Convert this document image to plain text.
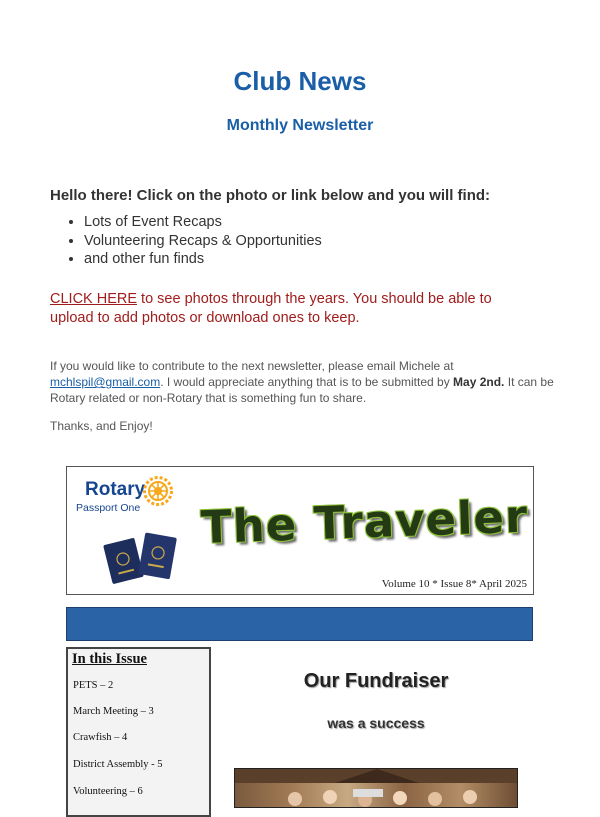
Club News
Monthly Newsletter
Hello there! Click on the photo or link below and you will find:
• Lots of Event Recaps
• Volunteering Recaps & Opportunities
• and other fun finds
CLICK HERE to see photos through the years. You should be able to upload to add photos or download ones to keep.
If you would like to contribute to the next newsletter, please email Michele at mchlspil@gmail.com. I would appreciate anything that is to be submitted by May 2nd. It can be Rotary related or non-Rotary that is something fun to share.
Thanks, and Enjoy!
Rotary
Passport One The Traveler
Volume 10 * Issue 8* April 2025
In this Issue
PETS – 2
March Meeting – 3
Crawfish – 4
District Assembly - 5
Volunteering – 6
Our Fundraiser
was a success
